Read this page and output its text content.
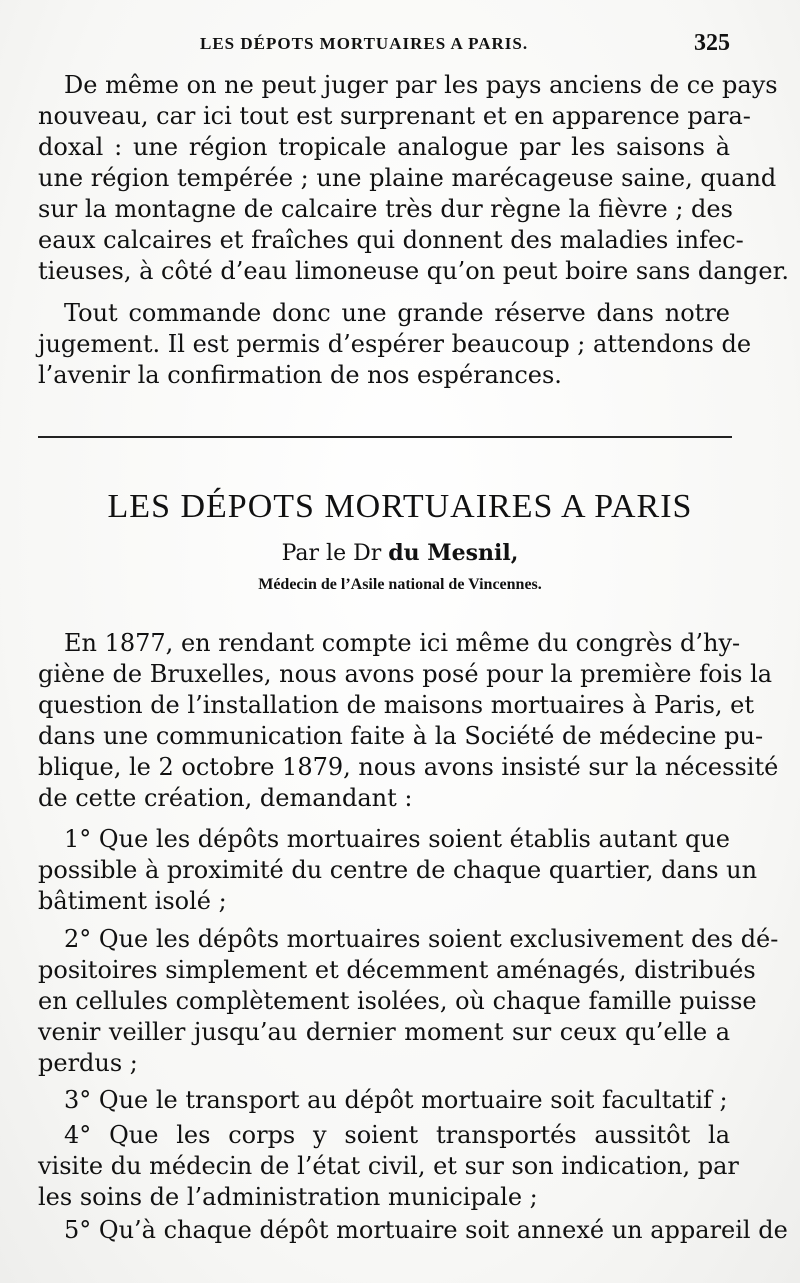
LES DÉPOTS MORTUAIRES A PARIS.	325

De même on ne peut juger par les pays anciens de ce pays
nouveau, car ici tout est surprenant et en apparence para-
doxal : une région tropicale analogue par les saisons à
une région tempérée ; une plaine marécageuse saine, quand
sur la montagne de calcaire très dur règne la fièvre ; des
eaux calcaires et fraîches qui donnent des maladies infec-
tieuses, à côté d’eau limoneuse qu’on peut boire sans danger.

Tout commande donc une grande réserve dans notre
jugement. Il est permis d’espérer beaucoup ; attendons de
l’avenir la confirmation de nos espérances.

LES DÉPOTS MORTUAIRES A PARIS
Par le Dr du Mesnil,
Médecin de l’Asile national de Vincennes.

En 1877, en rendant compte ici même du congrès d’hy-
giène de Bruxelles, nous avons posé pour la première fois la
question de l’installation de maisons mortuaires à Paris, et
dans une communication faite à la Société de médecine pu-
blique, le 2 octobre 1879, nous avons insisté sur la nécessité
de cette création, demandant :

1° Que les dépôts mortuaires soient établis autant que
possible à proximité du centre de chaque quartier, dans un
bâtiment isolé ;

2° Que les dépôts mortuaires soient exclusivement des dé-
positoires simplement et décemment aménagés, distribués
en cellules complètement isolées, où chaque famille puisse
venir veiller jusqu’au dernier moment sur ceux qu’elle a
perdus ;

3° Que le transport au dépôt mortuaire soit facultatif ;

4° Que les corps y soient transportés aussitôt la
visite du médecin de l’état civil, et sur son indication, par
les soins de l’administration municipale ;

5° Qu’à chaque dépôt mortuaire soit annexé un appareil de
